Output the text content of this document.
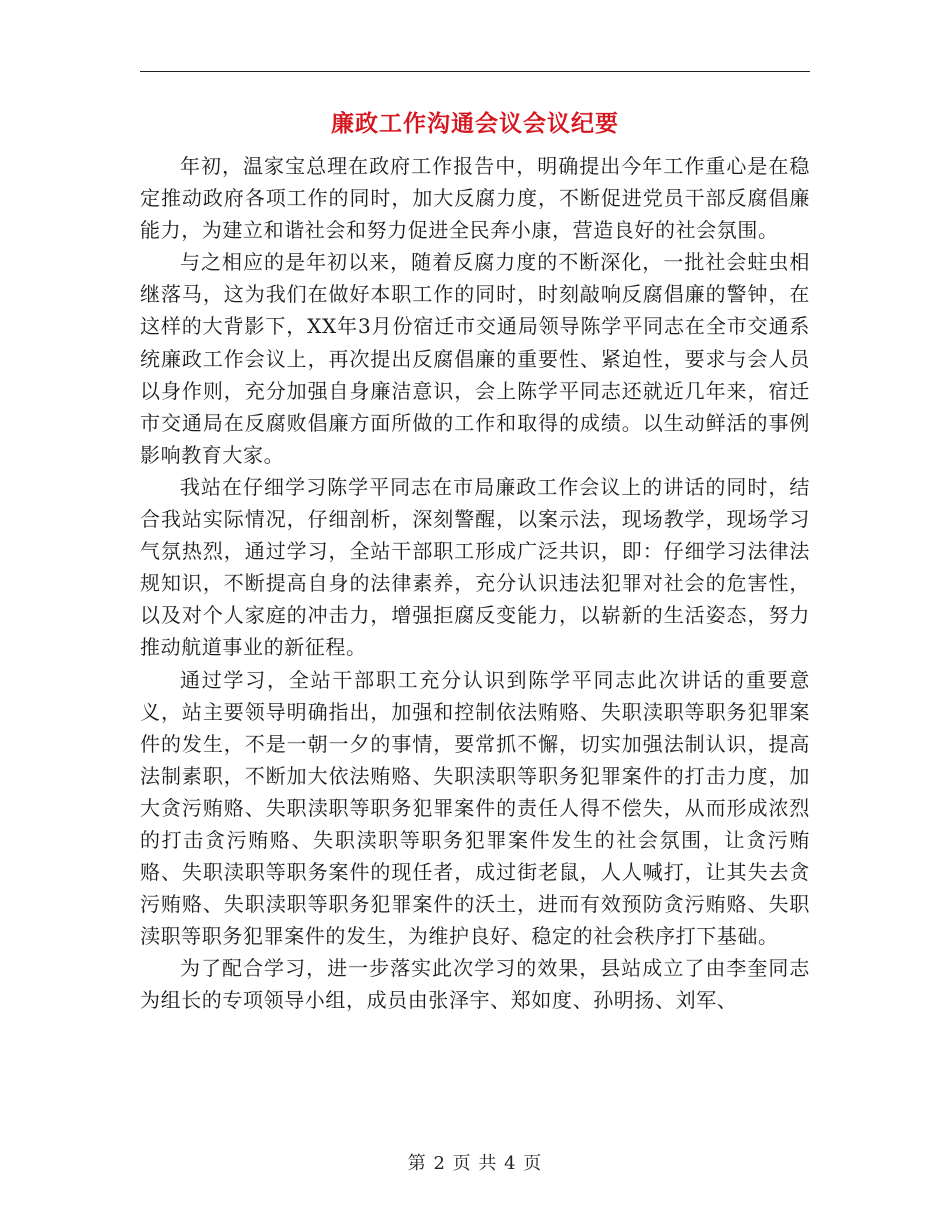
廉政工作沟通会议会议纪要

年初，温家宝总理在政府工作报告中，明确提出今年工作重心是在稳定推动政府各项工作的同时，加大反腐力度，不断促进党员干部反腐倡廉能力，为建立和谐社会和努力促进全民奔小康，营造良好的社会氛围。

与之相应的是年初以来，随着反腐力度的不断深化，一批社会蛀虫相继落马，这为我们在做好本职工作的同时，时刻敲响反腐倡廉的警钟，在这样的大背影下，XX年3月份宿迁市交通局领导陈学平同志在全市交通系统廉政工作会议上，再次提出反腐倡廉的重要性、紧迫性，要求与会人员以身作则，充分加强自身廉洁意识，会上陈学平同志还就近几年来，宿迁市交通局在反腐败倡廉方面所做的工作和取得的成绩。以生动鲜活的事例影响教育大家。

我站在仔细学习陈学平同志在市局廉政工作会议上的讲话的同时，结合我站实际情况，仔细剖析，深刻警醒，以案示法，现场教学，现场学习气氛热烈，通过学习，全站干部职工形成广泛共识，即：仔细学习法律法规知识，不断提高自身的法律素养，充分认识违法犯罪对社会的危害性，以及对个人家庭的冲击力，增强拒腐反变能力，以崭新的生活姿态，努力推动航道事业的新征程。

通过学习，全站干部职工充分认识到陈学平同志此次讲话的重要意义，站主要领导明确指出，加强和控制依法贿赂、失职渎职等职务犯罪案件的发生，不是一朝一夕的事情，要常抓不懈，切实加强法制认识，提高法制素职，不断加大依法贿赂、失职渎职等职务犯罪案件的打击力度，加大贪污贿赂、失职渎职等职务犯罪案件的责任人得不偿失，从而形成浓烈的打击贪污贿赂、失职渎职等职务犯罪案件发生的社会氛围，让贪污贿赂、失职渎职等职务案件的现任者，成过街老鼠，人人喊打，让其失去贪污贿赂、失职渎职等职务犯罪案件的沃土，进而有效预防贪污贿赂、失职渎职等职务犯罪案件的发生，为维护良好、稳定的社会秩序打下基础。

为了配合学习，进一步落实此次学习的效果，县站成立了由李奎同志为组长的专项领导小组，成员由张泽宇、郑如度、孙明扬、刘军、

第 2 页 共 4 页
